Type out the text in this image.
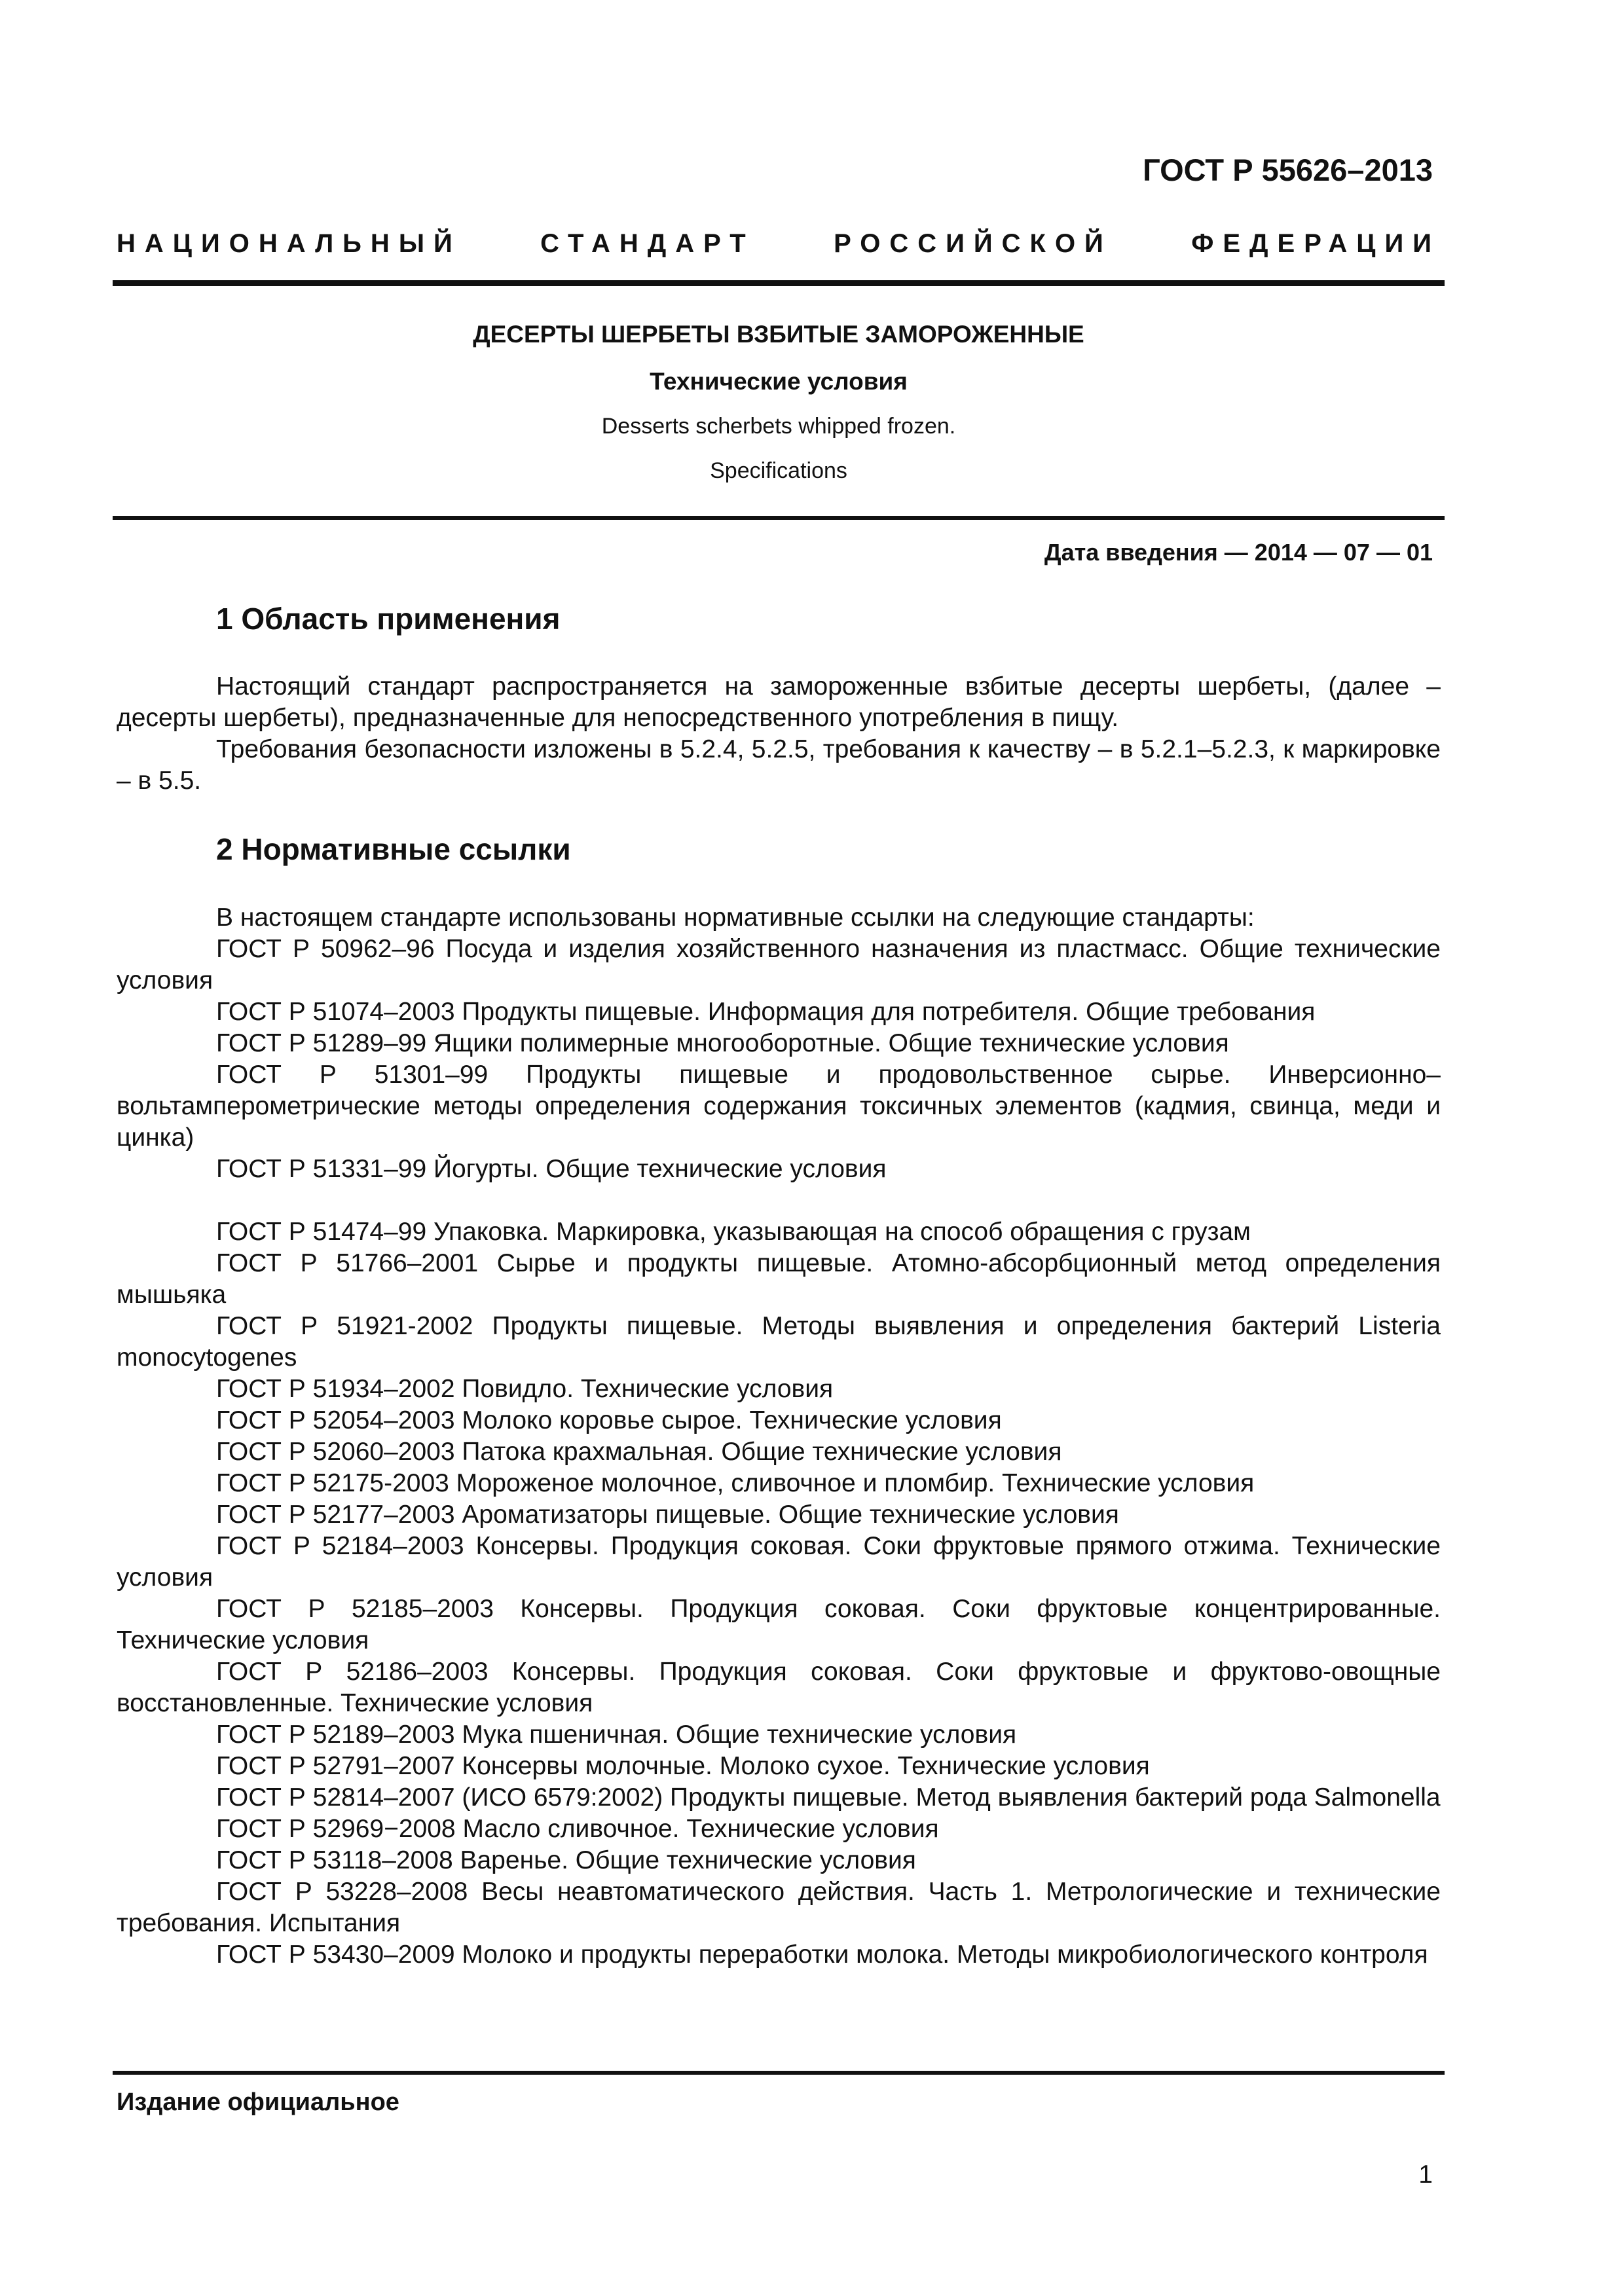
ГОСТ Р 55626–2013
НАЦИОНАЛЬНЫЙ СТАНДАРТ РОССИЙСКОЙ ФЕДЕРАЦИИ
ДЕСЕРТЫ ШЕРБЕТЫ ВЗБИТЫЕ ЗАМОРОЖЕННЫЕ
Технические условия
Desserts scherbets whipped frozen.
Specifications
Дата введения — 2014 — 07 — 01
1 Область применения

Настоящий стандарт распространяется на замороженные взбитые десерты шербеты, (далее – десерты шербеты), предназначенные для непосредственного употребления в пищу.

Требования безопасности изложены в 5.2.4, 5.2.5, требования к качеству – в 5.2.1–5.2.3, к маркировке – в 5.5.

2 Нормативные ссылки

В настоящем стандарте использованы нормативные ссылки на следующие стандарты:

ГОСТ Р 50962–96 Посуда и изделия хозяйственного назначения из пластмасс. Общие технические условия

ГОСТ Р 51074–2003 Продукты пищевые. Информация для потребителя. Общие требования

ГОСТ Р 51289–99 Ящики полимерные многооборотные. Общие технические условия

ГОСТ Р 51301–99 Продукты пищевые и продовольственное сырье. Инверсионно–вольтамперометрические методы определения содержания токсичных элементов (кадмия, свинца, меди и цинка)

ГОСТ Р 51331–99 Йогурты. Общие технические условия

ГОСТ Р 51474–99 Упаковка. Маркировка, указывающая на способ обращения с грузам

ГОСТ Р 51766–2001 Сырье и продукты пищевые. Атомно-абсорбционный метод определения мышьяка

ГОСТ Р 51921-2002 Продукты пищевые. Методы выявления и определения бактерий Listeria monocytogenes

ГОСТ Р 51934–2002 Повидло. Технические условия

ГОСТ Р 52054–2003 Молоко коровье сырое. Технические условия

ГОСТ Р 52060–2003 Патока крахмальная. Общие технические условия

ГОСТ Р 52175-2003 Мороженое молочное, сливочное и пломбир. Технические условия

ГОСТ Р 52177–2003 Ароматизаторы пищевые. Общие технические условия

ГОСТ Р 52184–2003 Консервы. Продукция соковая. Соки фруктовые прямого отжима. Технические условия

ГОСТ Р 52185–2003 Консервы. Продукция соковая. Соки фруктовые концентрированные. Технические условия

ГОСТ Р 52186–2003 Консервы. Продукция соковая. Соки фруктовые и фруктово-овощные восстановленные. Технические условия

ГОСТ Р 52189–2003 Мука пшеничная. Общие технические условия

ГОСТ Р 52791–2007 Консервы молочные. Молоко сухое. Технические условия

ГОСТ Р 52814–2007 (ИСО 6579:2002) Продукты пищевые. Метод выявления бактерий рода Salmonella

ГОСТ Р 52969−2008 Масло сливочное. Технические условия

ГОСТ Р 53118–2008 Варенье. Общие технические условия

ГОСТ Р 53228–2008 Весы неавтоматического действия. Часть 1. Метрологические и технические требования. Испытания

ГОСТ Р 53430–2009 Молоко и продукты переработки молока. Методы микробиологического контроля

Издание официальное
1
